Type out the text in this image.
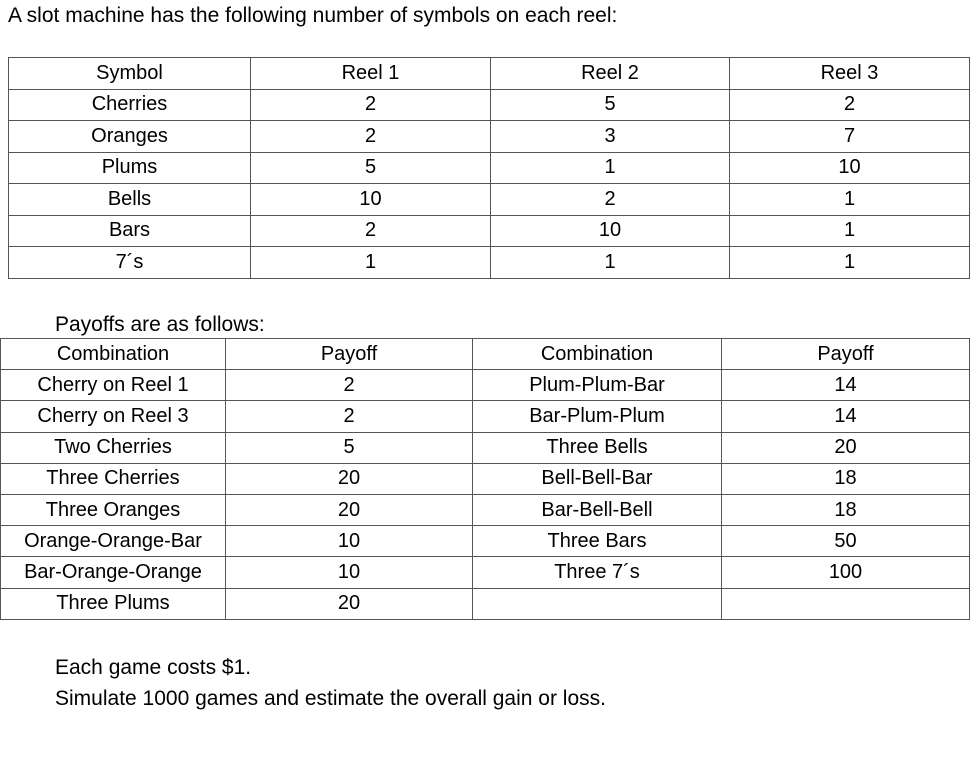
A slot machine has the following number of symbols on each reel:
Symbol	Reel 1	Reel 2	Reel 3
Cherries	2	5	2
Oranges	2	3	7
Plums	5	1	10
Bells	10	2	1
Bars	2	10	1
7´s	1	1	1
Payoffs are as follows:
Combination	Payoff	Combination	Payoff
Cherry on Reel 1	2	Plum-Plum-Bar	14
Cherry on Reel 3	2	Bar-Plum-Plum	14
Two Cherries	5	Three Bells	20
Three Cherries	20	Bell-Bell-Bar	18
Three Oranges	20	Bar-Bell-Bell	18
Orange-Orange-Bar	10	Three Bars	50
Bar-Orange-Orange	10	Three 7´s	100
Three Plums	20		
Each game costs $1.
Simulate 1000 games and estimate the overall gain or loss.
